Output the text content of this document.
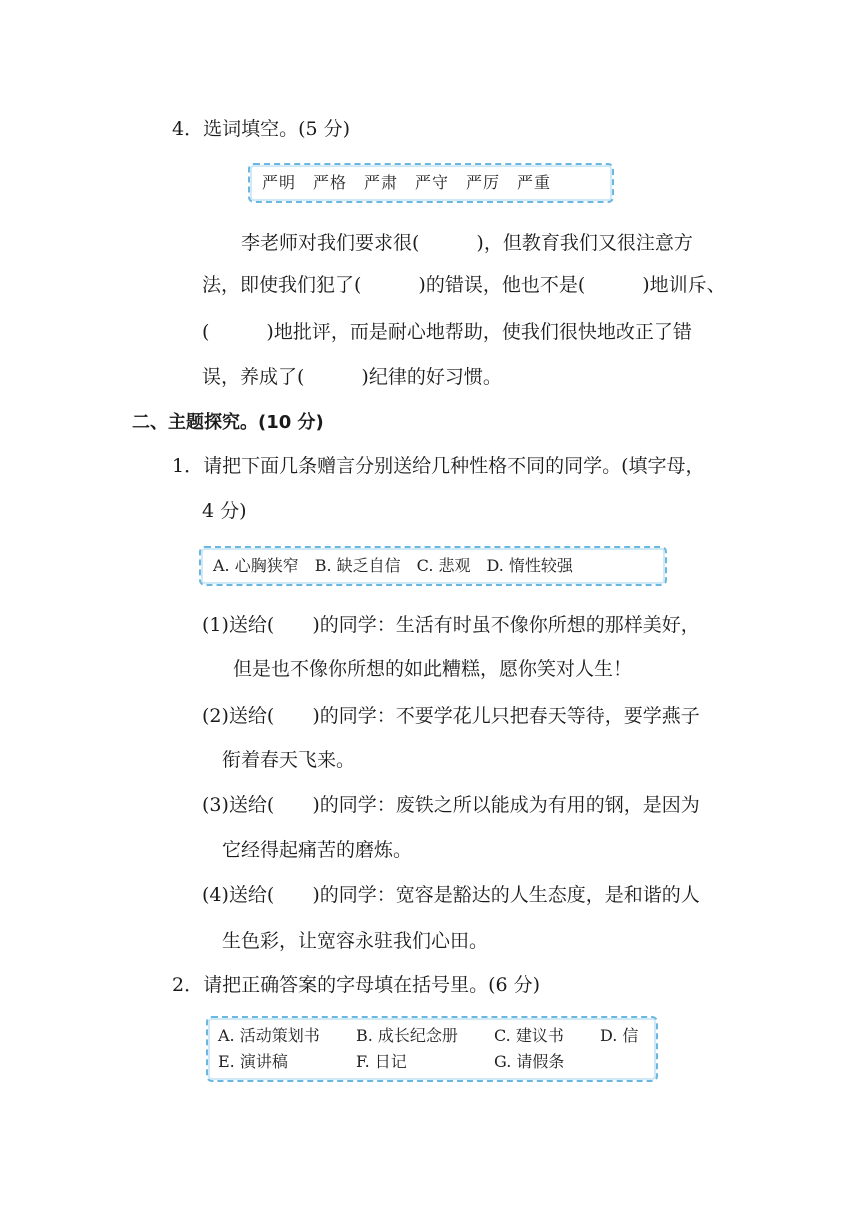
4．选词填空。(5 分)
严明　严格　严肃　严守　严厉　严重
李老师对我们要求很(　　　)，但教育我们又很注意方
法，即使我们犯了(　　　)的错误，他也不是(　　　)地训斥、
(　　　)地批评，而是耐心地帮助，使我们很快地改正了错
误，养成了(　　　)纪律的好习惯。
二、主题探究。(10 分)
1．请把下面几条赠言分别送给几种性格不同的同学。(填字母，
4 分)
A. 心胸狭窄　B. 缺乏自信　C. 悲观　D. 惰性较强
(1)送给(　　)的同学：生活有时虽不像你所想的那样美好，
但是也不像你所想的如此糟糕，愿你笑对人生！
(2)送给(　　)的同学：不要学花儿只把春天等待，要学燕子
衔着春天飞来。
(3)送给(　　)的同学：废铁之所以能成为有用的钢，是因为
它经得起痛苦的磨炼。
(4)送给(　　)的同学：宽容是豁达的人生态度，是和谐的人
生色彩，让宽容永驻我们心田。
2．请把正确答案的字母填在括号里。(6 分)
A. 活动策划书 B. 成长纪念册 C. 建议书 D. 信
E. 演讲稿	F. 日记	G. 请假条
